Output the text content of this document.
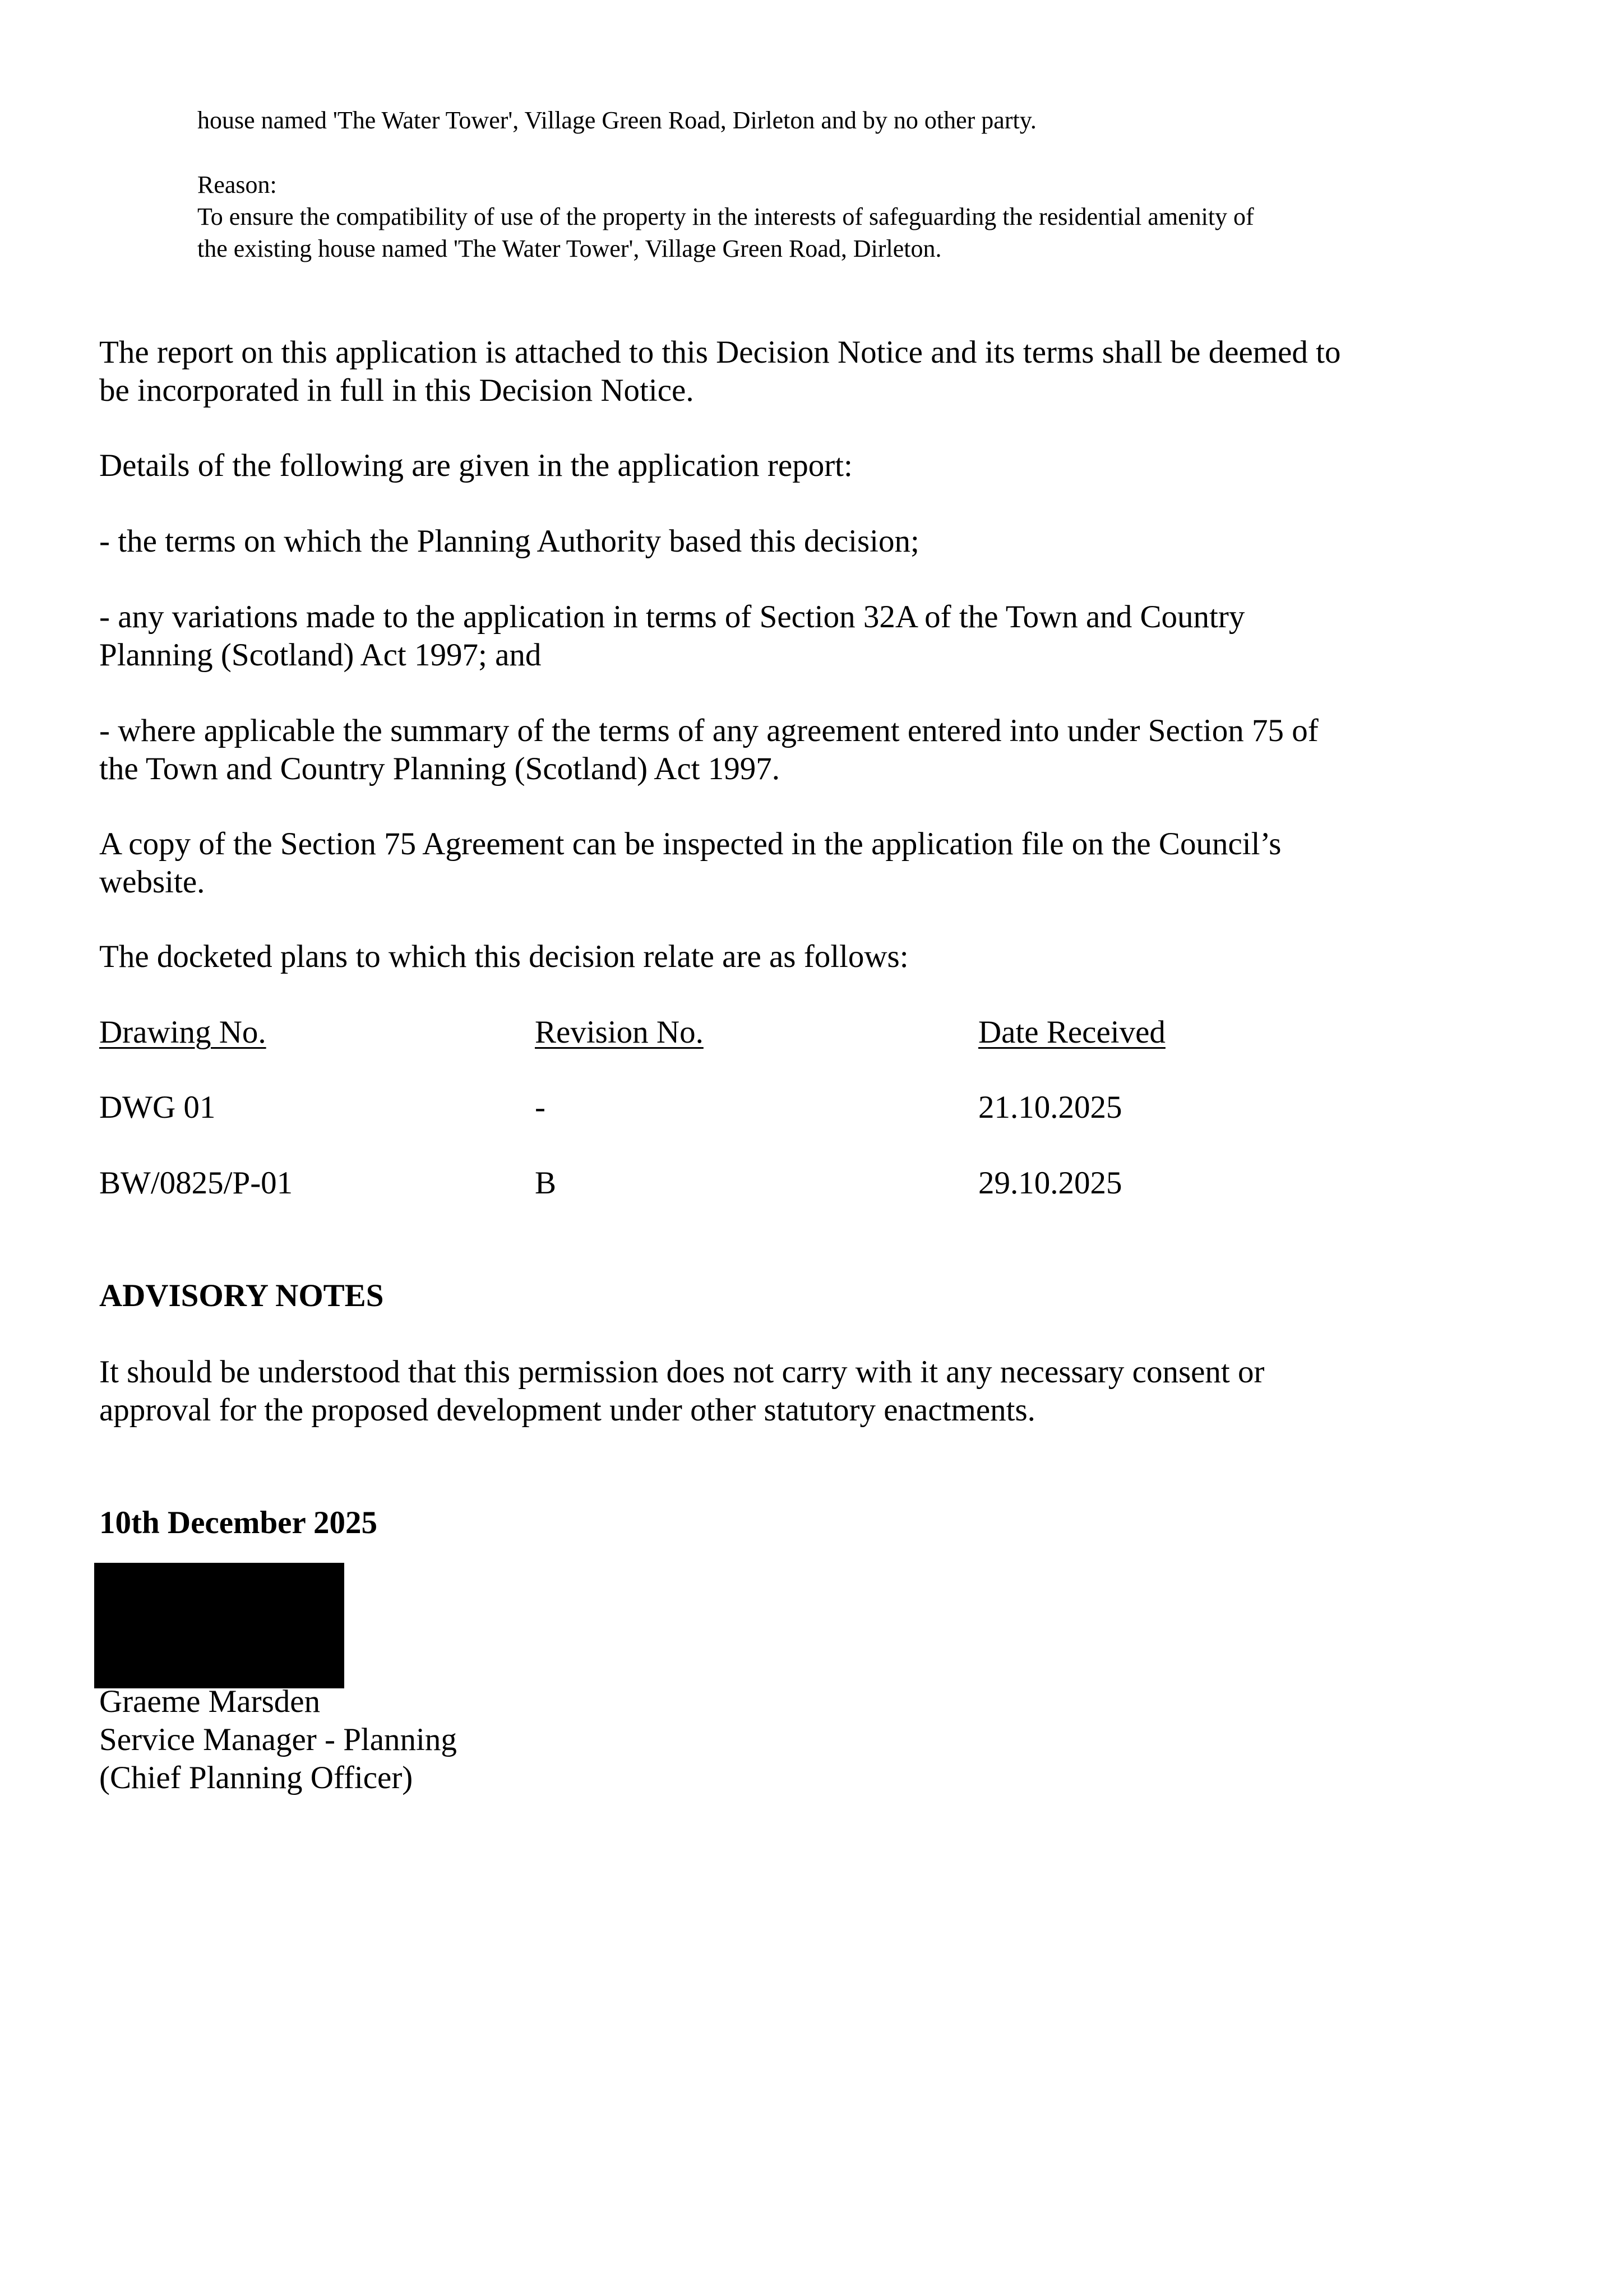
house named 'The Water Tower', Village Green Road, Dirleton and by no other party.

Reason:

To ensure the compatibility of use of the property in the interests of safeguarding the residential amenity of

the existing house named 'The Water Tower', Village Green Road, Dirleton.

The report on this application is attached to this Decision Notice and its terms shall be deemed to

be incorporated in full in this Decision Notice.

Details of the following are given in the application report:

- the terms on which the Planning Authority based this decision;

- any variations made to the application in terms of Section 32A of the Town and Country

Planning (Scotland) Act 1997; and

- where applicable the summary of the terms of any agreement entered into under Section 75 of

the Town and Country Planning (Scotland) Act 1997.

A copy of the Section 75 Agreement can be inspected in the application file on the Council’s

website.

The docketed plans to which this decision relate are as follows:

Drawing No.	Revision No.	Date Received

DWG 01	-	21.10.2025

BW/0825/P-01	B	29.10.2025

ADVISORY NOTES

It should be understood that this permission does not carry with it any necessary consent or

approval for the proposed development under other statutory enactments.

10th December 2025

Graeme Marsden

Service Manager - Planning

(Chief Planning Officer)
